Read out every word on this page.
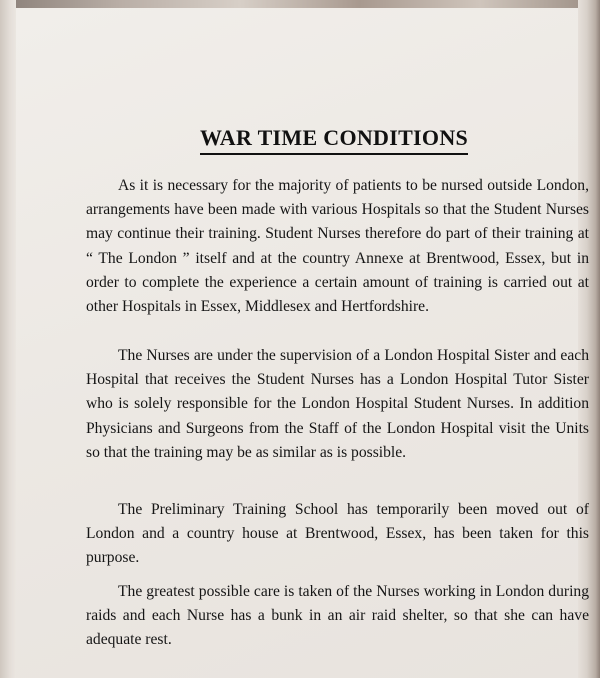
WAR TIME CONDITIONS

As it is necessary for the majority of patients to be nursed outside London, arrangements have been made with various Hospitals so that the Student Nurses may continue their training. Student Nurses therefore do part of their training at “ The London ” itself and at the country Annexe at Brentwood, Essex, but in order to complete the experience a certain amount of training is carried out at other Hospitals in Essex, Middlesex and Hertfordshire.

The Nurses are under the supervision of a London Hospital Sister and each Hospital that receives the Student Nurses has a London Hospital Tutor Sister who is solely responsible for the London Hospital Student Nurses. In addition Physicians and Surgeons from the Staff of the London Hospital visit the Units so that the training may be as similar as is possible.

The Preliminary Training School has temporarily been moved out of London and a country house at Brentwood, Essex, has been taken for this purpose.

The greatest possible care is taken of the Nurses working in London during raids and each Nurse has a bunk in an air raid shelter, so that she can have adequate rest.
